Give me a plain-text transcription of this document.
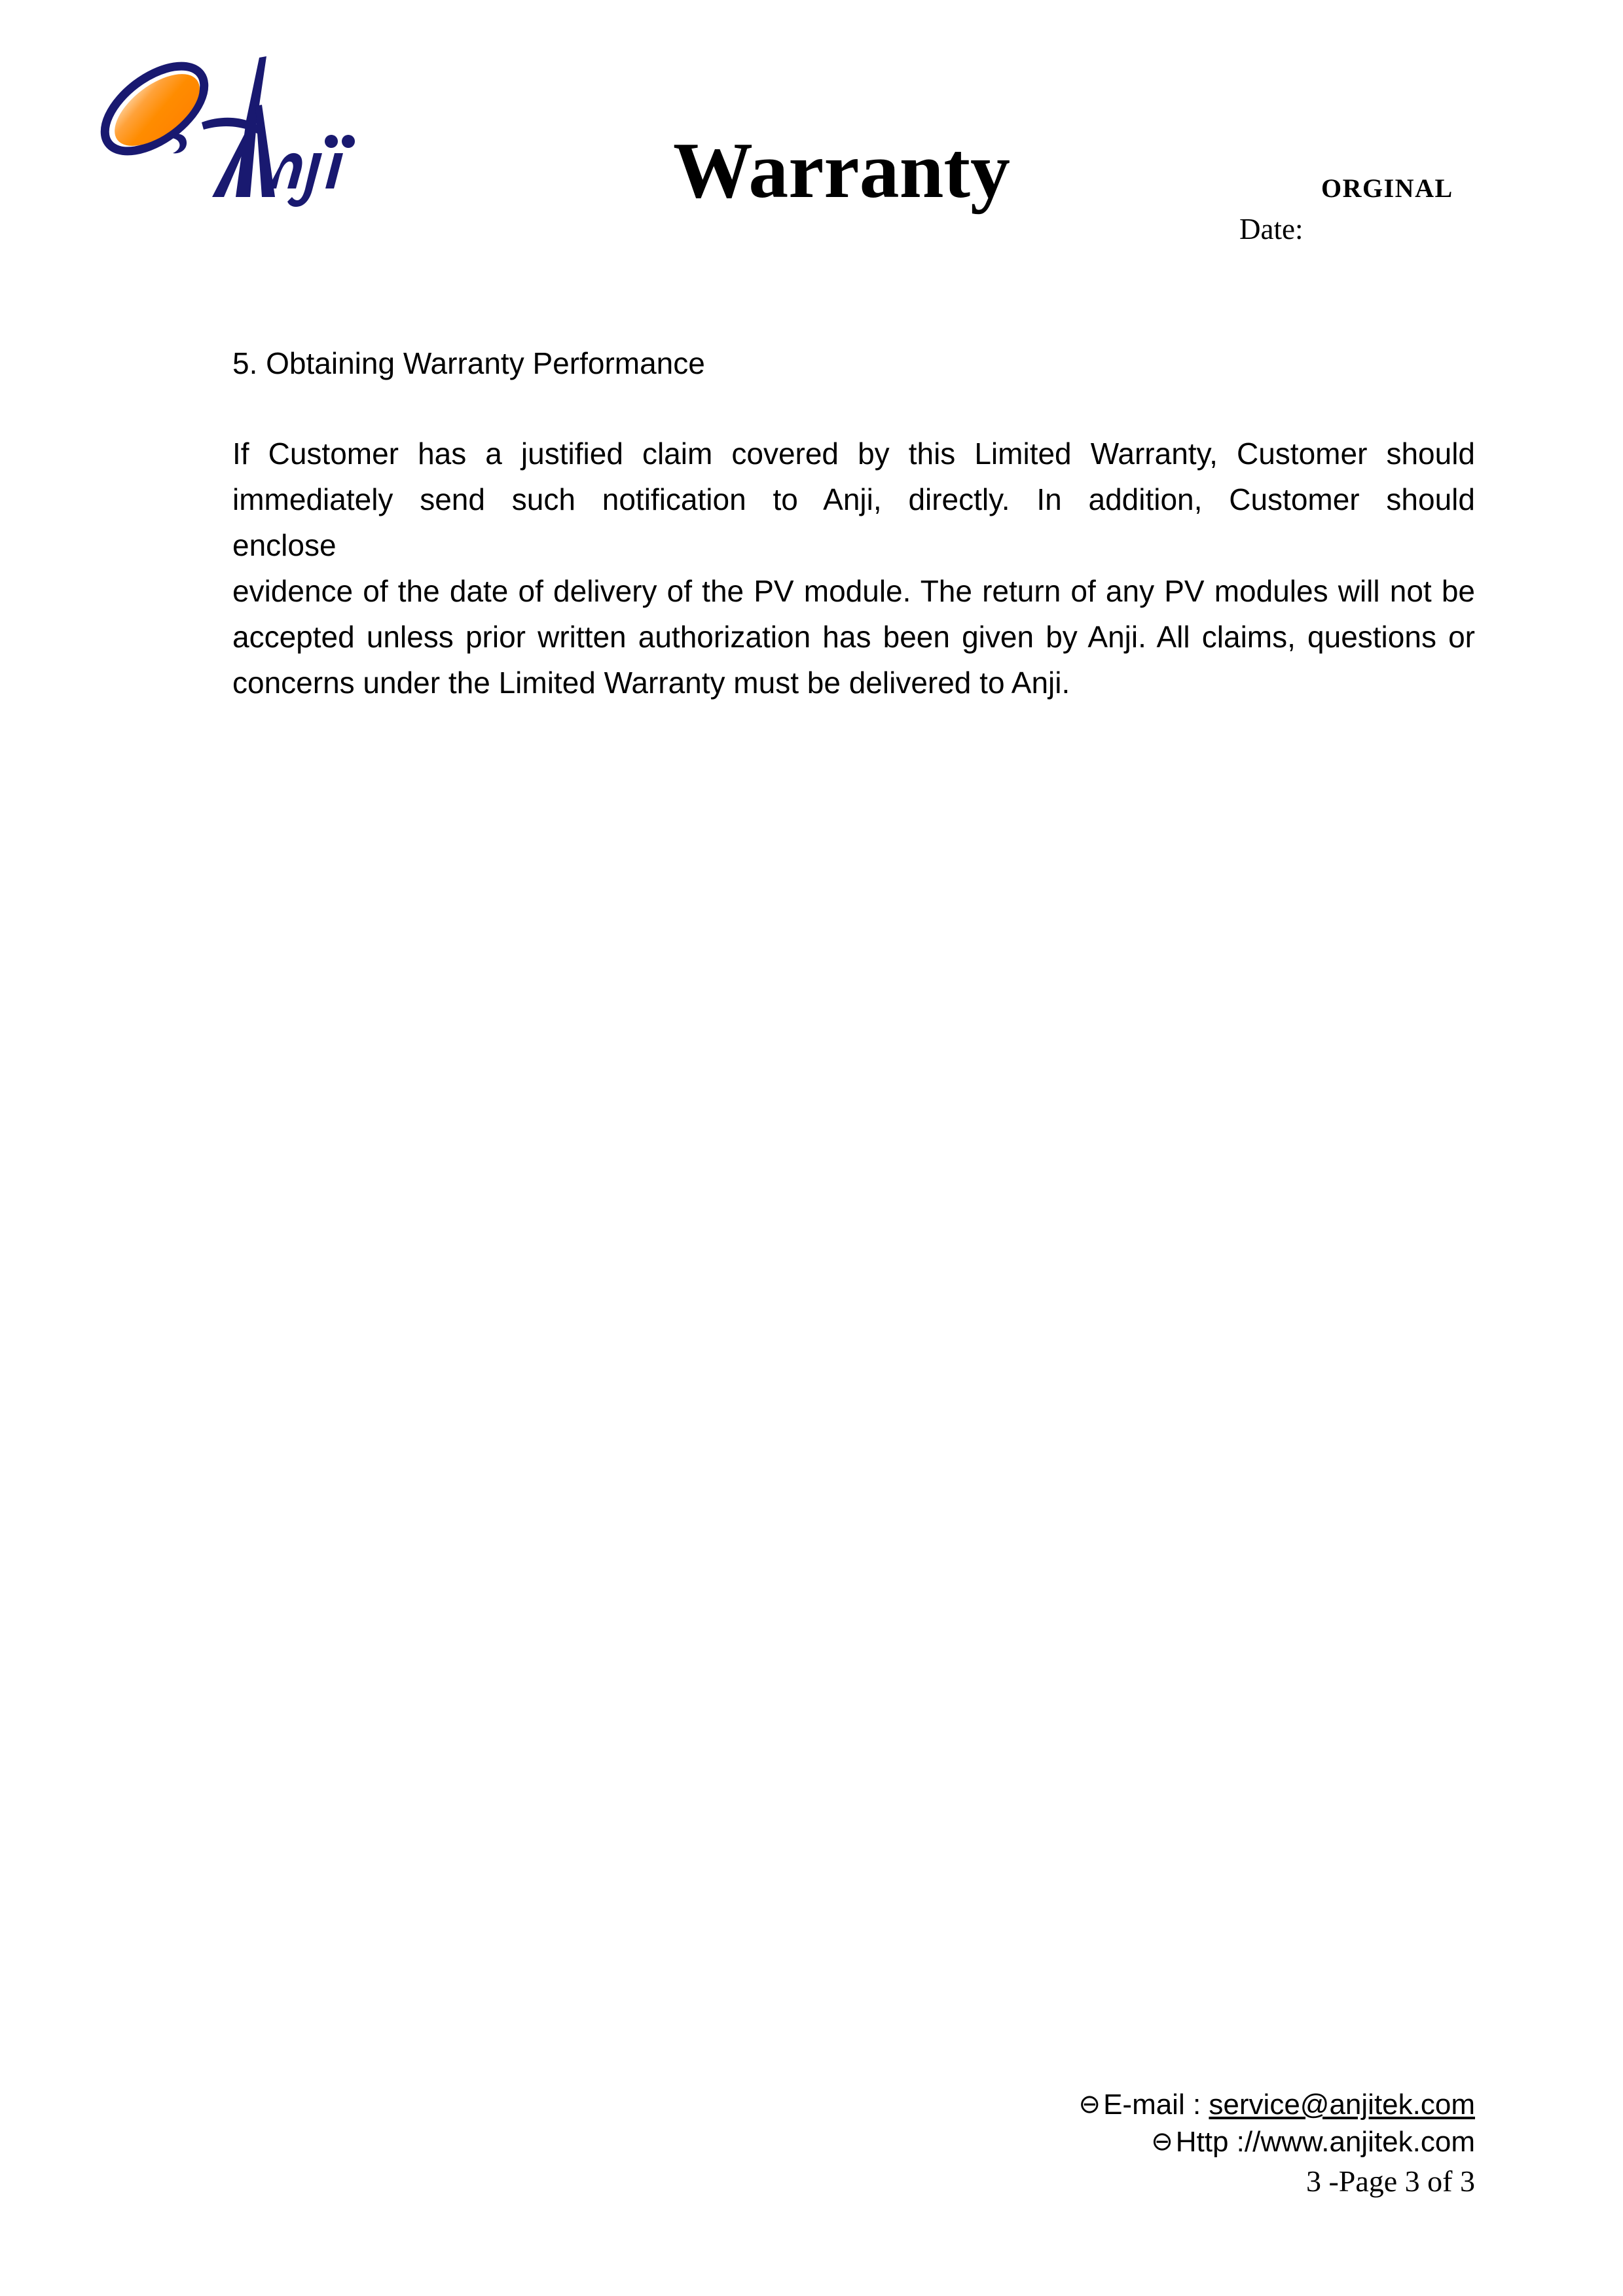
Warranty	ORGINAL
Date:
5. Obtaining Warranty Performance
If  Customer  has  a  justified  claim  covered  by  this  Limited  Warranty,  Customer  should
immediately  send  such  notification  to  Anji,  directly.  In  addition,  Customer  should  enclose
evidence of the date of delivery of the PV module. The return of any PV modules will not be
accepted unless prior written authorization has been given by Anji. All claims, questions or
concerns under the Limited Warranty must be delivered to Anji.
⊖E-mail : service@anjitek.com
⊖Http ://www.anjitek.com
3 -Page 3 of 3
